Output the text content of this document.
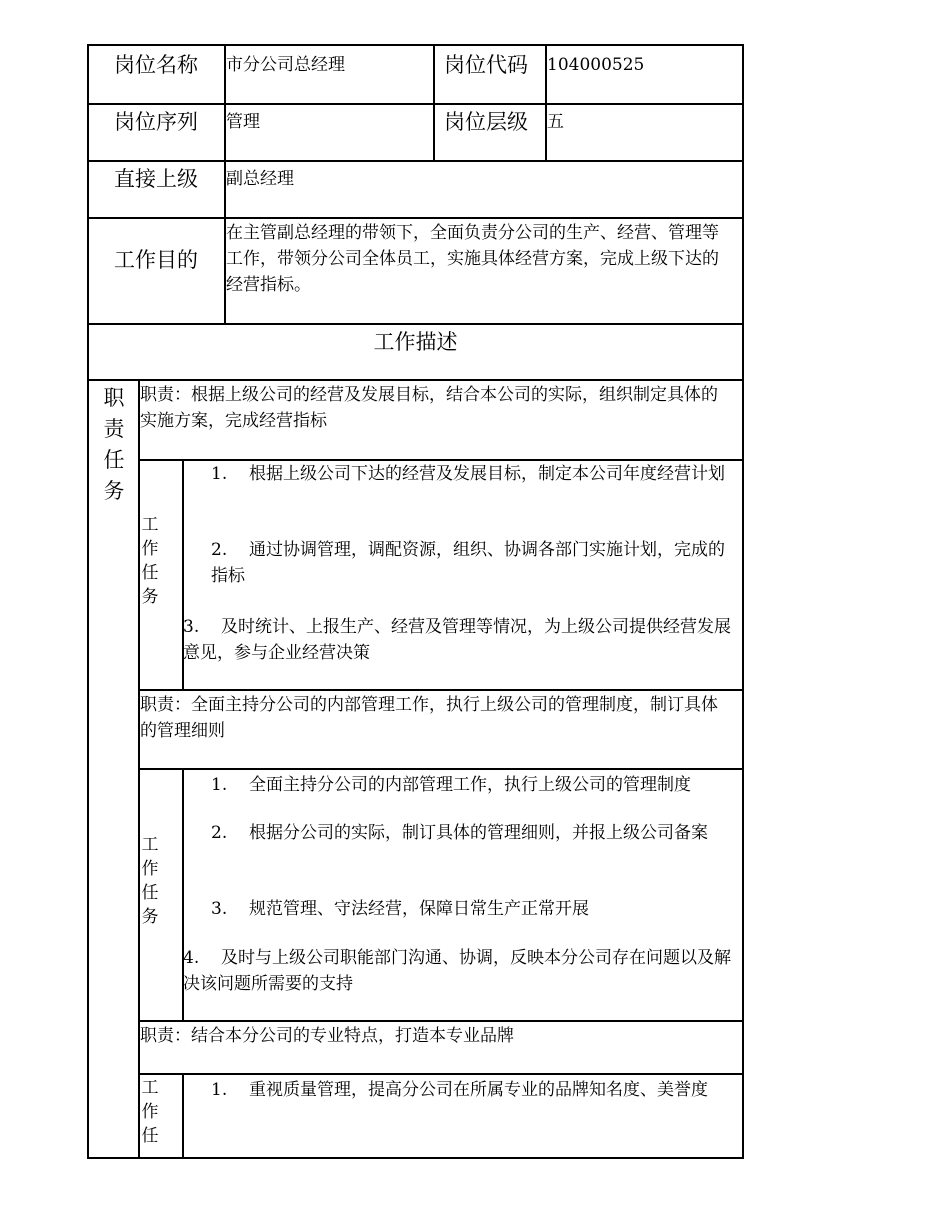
岗位名称 市分公司总经理	岗位代码 104000525
岗位序列 管理	岗位层级 五
直接上级 副总经理
工作目的
在主管副总经理的带领下，全面负责分公司的生产、经营、管理等工作，带领分公司全体员工，实施具体经营方案，完成上级下达的经营指标。
工作描述
职责任务
职责：根据上级公司的经营及发展目标，结合本公司的实际，组织制定具体的实施方案，完成经营指标
工作任务
1. 根据上级公司下达的经营及发展目标，制定本公司年度经营计划
2. 通过协调管理，调配资源，组织、协调各部门实施计划，完成的指标
3. 及时统计、上报生产、经营及管理等情况，为上级公司提供经营发展意见，参与企业经营决策
职责：全面主持分公司的内部管理工作，执行上级公司的管理制度，制订具体的管理细则
工作任务
1. 全面主持分公司的内部管理工作，执行上级公司的管理制度
2. 根据分公司的实际，制订具体的管理细则，并报上级公司备案
3. 规范管理、守法经营，保障日常生产正常开展
4. 及时与上级公司职能部门沟通、协调，反映本分公司存在问题以及解决该问题所需要的支持
职责：结合本分公司的专业特点，打造本专业品牌
工作任
1. 重视质量管理，提高分公司在所属专业的品牌知名度、美誉度
